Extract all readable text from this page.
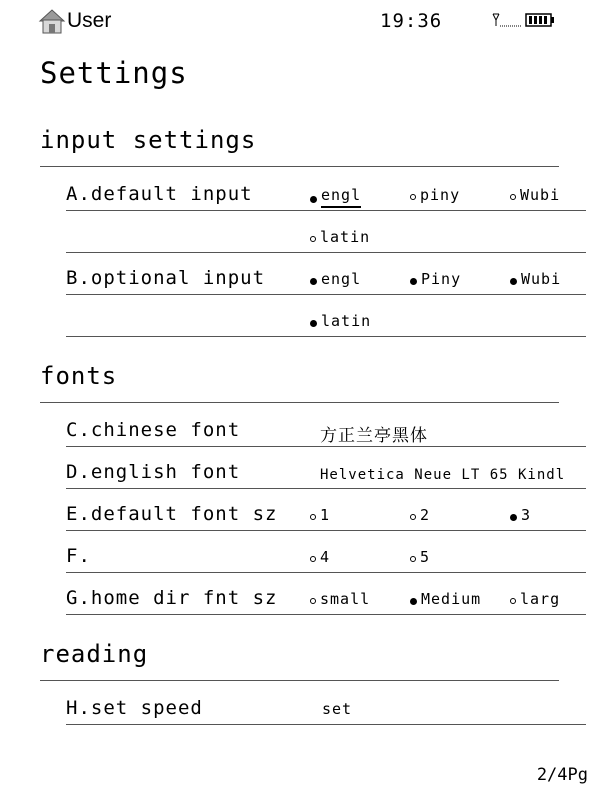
User	19:36
Settings
input settings
A.default input	engl	piny	Wubi
latin
B.optional input	engl	Piny	Wubi
latin
fonts
C.chinese font	方正兰亭黑体
D.english font	Helvetica Neue LT 65 Kindl
E.default font sz	1	2	3
F.	4	5
G.home dir fnt sz	small	Medium	larg
reading
H.set speed	set
2/4Pg
